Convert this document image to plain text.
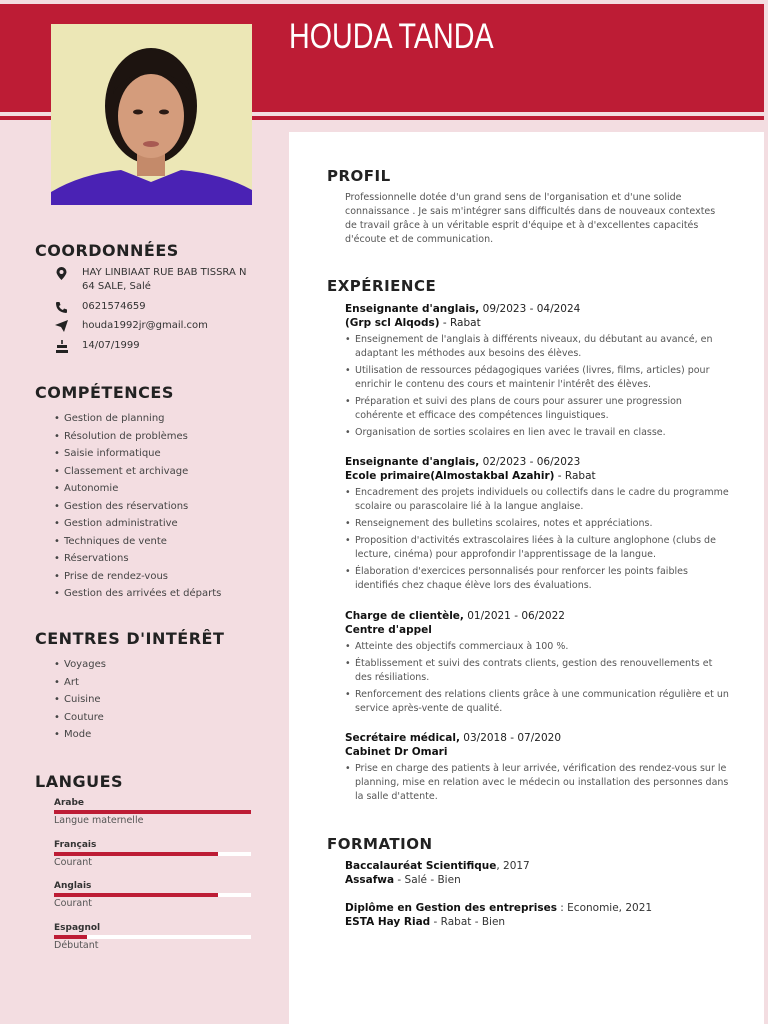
HOUDA TANDA
COORDONNÉES
HAY LINBIAAT RUE BAB TISSRA N 64 SALE, Salé
0621574659
houda1992jr@gmail.com
14/07/1999
COMPÉTENCES
• Gestion de planning
• Résolution de problèmes
• Saisie informatique
• Classement et archivage
• Autonomie
• Gestion des réservations
• Gestion administrative
• Techniques de vente
• Réservations
• Prise de rendez-vous
• Gestion des arrivées et départs
CENTRES D'INTÉRÊT
• Voyages
• Art
• Cuisine
• Couture
• Mode
LANGUES
Arabe
Langue maternelle
Français
Courant
Anglais
Courant
Espagnol
Débutant
PROFIL
Professionnelle dotée d'un grand sens de l'organisation et d'une solide connaissance . Je sais m'intégrer sans difficultés dans de nouveaux contextes de travail grâce à un véritable esprit d'équipe et à d'excellentes capacités d'écoute et de communication.
EXPÉRIENCE
Enseignante d'anglais, 09/2023 - 04/2024
(Grp scl Alqods) - Rabat
• Enseignement de l'anglais à différents niveaux, du débutant au avancé, en adaptant les méthodes aux besoins des élèves.
• Utilisation de ressources pédagogiques variées (livres, films, articles) pour enrichir le contenu des cours et maintenir l'intérêt des élèves.
• Préparation et suivi des plans de cours pour assurer une progression cohérente et efficace des compétences linguistiques.
• Organisation de sorties scolaires en lien avec le travail en classe.
Enseignante d'anglais, 02/2023 - 06/2023
Ecole primaire(Almostakbal Azahir) - Rabat
• Encadrement des projets individuels ou collectifs dans le cadre du programme scolaire ou parascolaire lié à la langue anglaise.
• Renseignement des bulletins scolaires, notes et appréciations.
• Proposition d'activités extrascolaires liées à la culture anglophone (clubs de lecture, cinéma) pour approfondir l'apprentissage de la langue.
• Élaboration d'exercices personnalisés pour renforcer les points faibles identifiés chez chaque élève lors des évaluations.
Charge de clientèle, 01/2021 - 06/2022
Centre d'appel
• Atteinte des objectifs commerciaux à 100 %.
• Établissement et suivi des contrats clients, gestion des renouvellements et des résiliations.
• Renforcement des relations clients grâce à une communication régulière et un service après-vente de qualité.
Secrétaire médical, 03/2018 - 07/2020
Cabinet Dr Omari
• Prise en charge des patients à leur arrivée, vérification des rendez-vous sur le planning, mise en relation avec le médecin ou installation des personnes dans la salle d'attente.
FORMATION
Baccalauréat Scientifique, 2017
Assafwa - Salé - Bien
Diplôme en Gestion des entreprises : Economie, 2021
ESTA Hay Riad - Rabat - Bien
